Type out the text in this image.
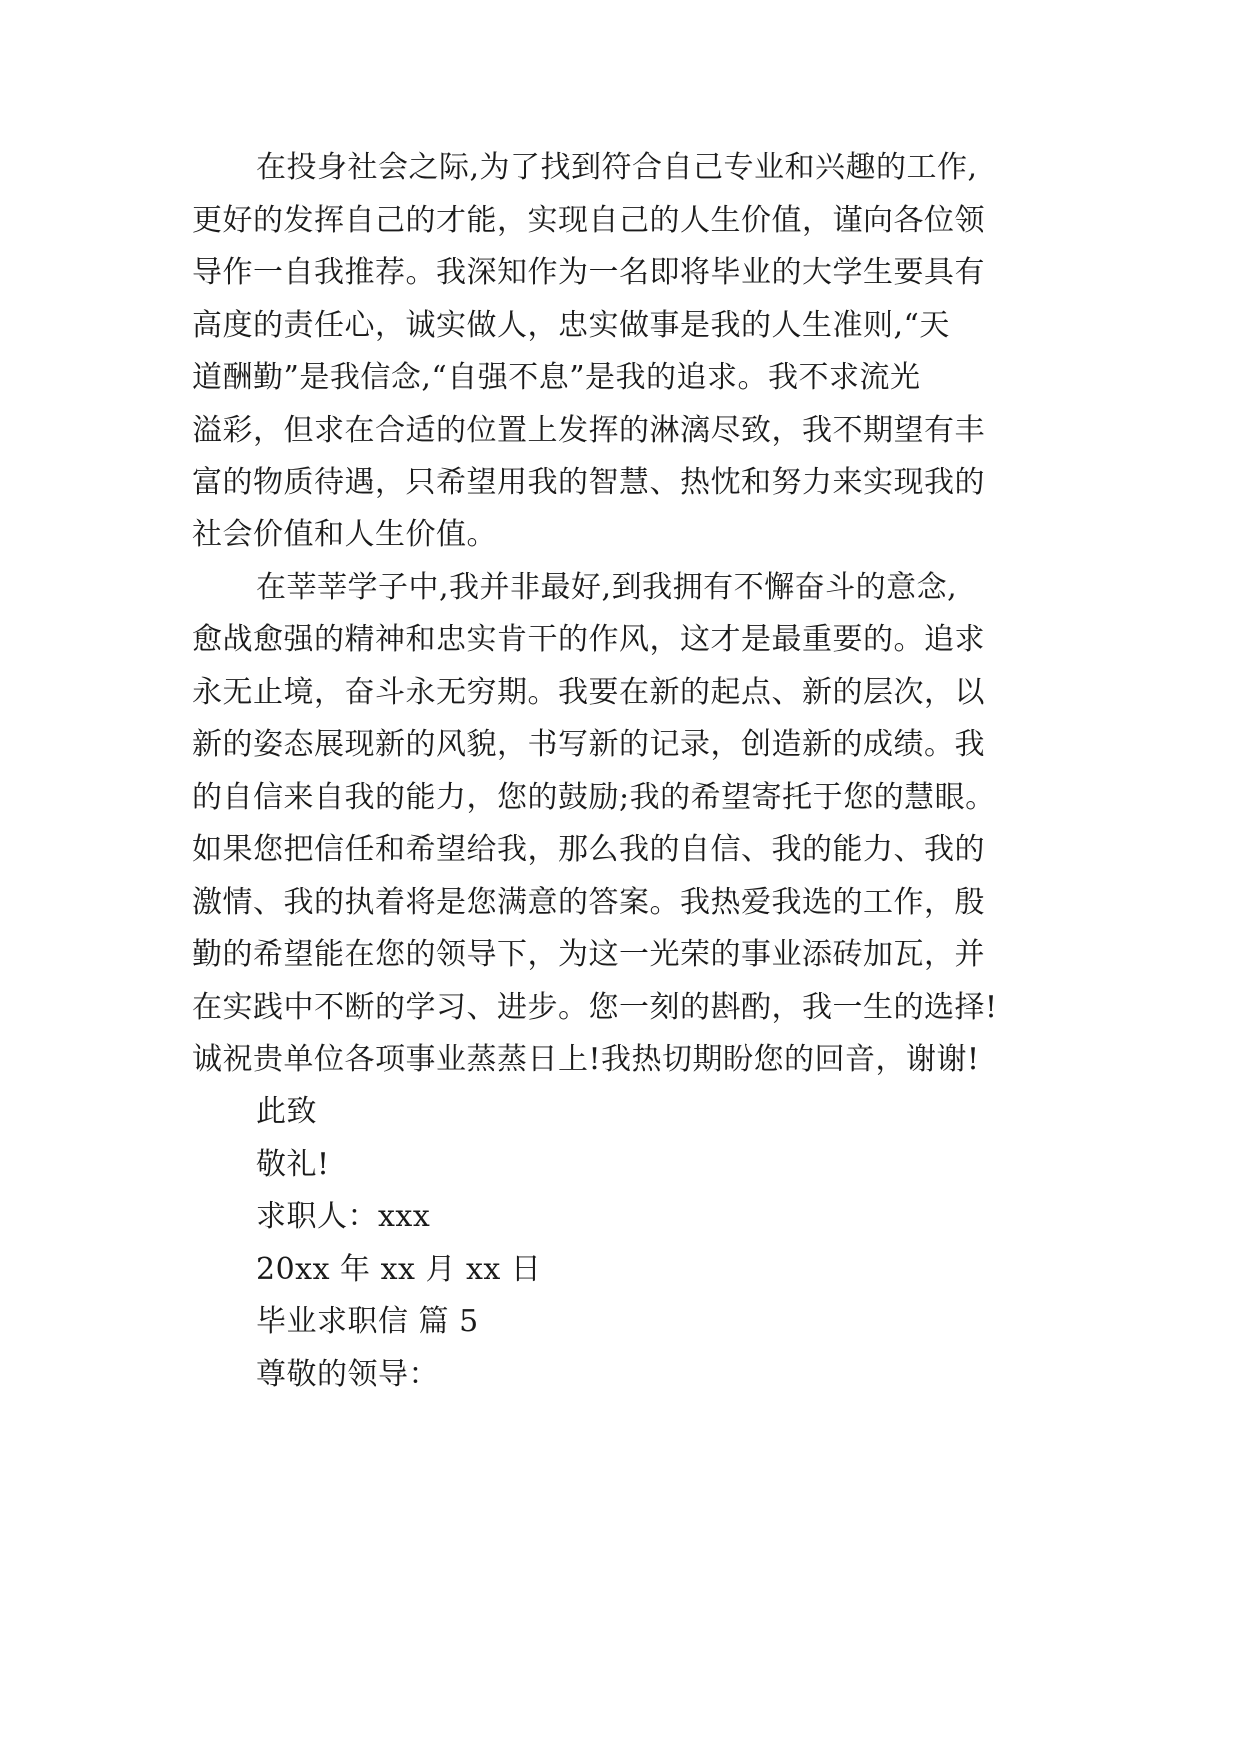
在投身社会之际,为了找到符合自己专业和兴趣的工作,
更好的发挥自己的才能，实现自己的人生价值，谨向各位领
导作一自我推荐。我深知作为一名即将毕业的大学生要具有
高度的责任心，诚实做人，忠实做事是我的人生准则,“天
道酬勤”是我信念,“自强不息”是我的追求。我不求流光
溢彩，但求在合适的位置上发挥的淋漓尽致，我不期望有丰
富的物质待遇，只希望用我的智慧、热忱和努力来实现我的
社会价值和人生价值。
在莘莘学子中,我并非最好,到我拥有不懈奋斗的意念,
愈战愈强的精神和忠实肯干的作风，这才是最重要的。追求
永无止境，奋斗永无穷期。我要在新的起点、新的层次，以
新的姿态展现新的风貌，书写新的记录，创造新的成绩。我
的自信来自我的能力，您的鼓励;我的希望寄托于您的慧眼。
如果您把信任和希望给我，那么我的自信、我的能力、我的
激情、我的执着将是您满意的答案。我热爱我选的工作，殷
勤的希望能在您的领导下，为这一光荣的事业添砖加瓦，并
在实践中不断的学习、进步。您一刻的斟酌，我一生的选择!
诚祝贵单位各项事业蒸蒸日上!我热切期盼您的回音，谢谢!
此致
敬礼!
求职人：xxx
20xx 年 xx 月 xx 日
毕业求职信 篇 5
尊敬的领导：
